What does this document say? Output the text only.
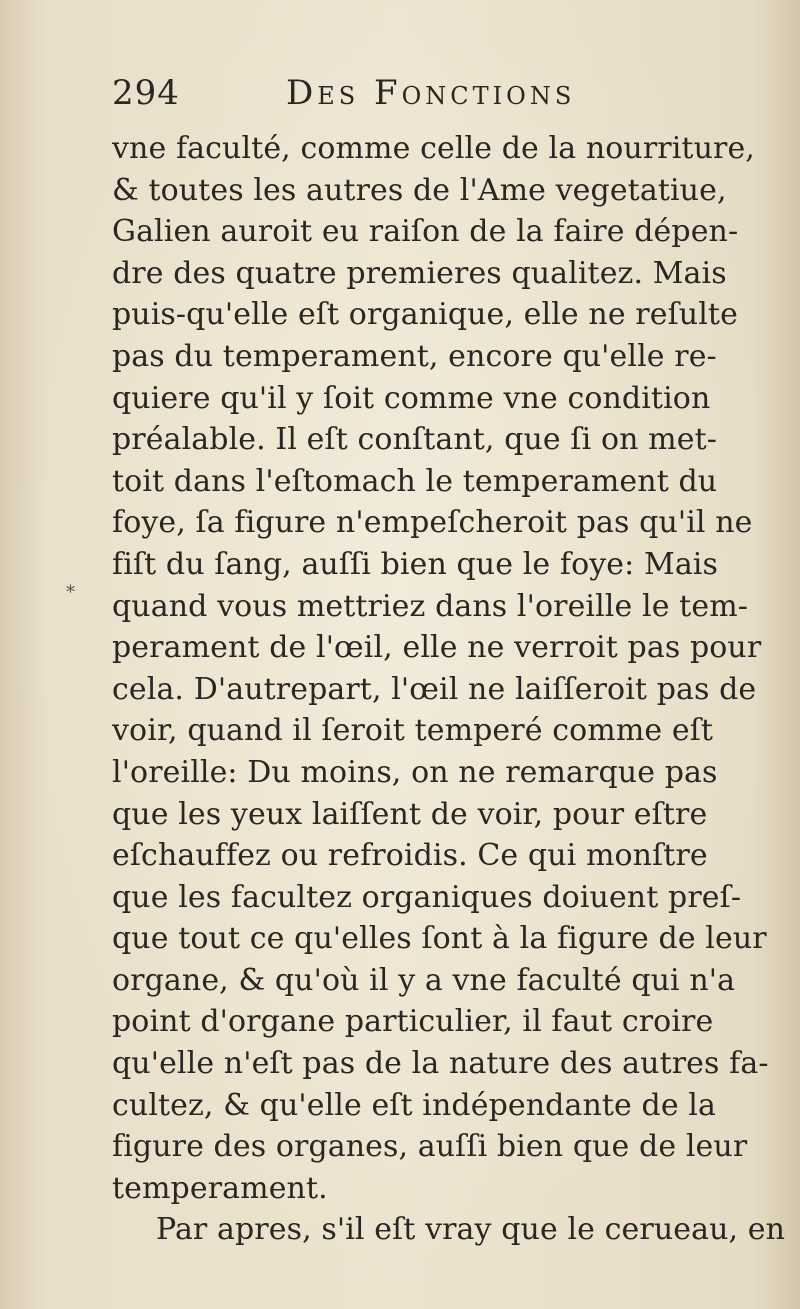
294	Des Fonctions
*
vne faculté, comme celle de la nourriture,
& toutes les autres de l'Ame vegetatiue,
Galien auroit eu raiſon de la faire dépen-
dre des quatre premieres qualitez. Mais
puis-qu'elle eſt organique, elle ne reſulte
pas du temperament, encore qu'elle re-
quiere qu'il y ſoit comme vne condition
préalable. Il eſt conſtant, que ſi on met-
toit dans l'eſtomach le temperament du
foye, ſa figure n'empeſcheroit pas qu'il ne
fiſt du ſang, auſſi bien que le foye: Mais
quand vous mettriez dans l'oreille le tem-
perament de l'œil, elle ne verroit pas pour
cela. D'autrepart, l'œil ne laiſſeroit pas de
voir, quand il ſeroit temperé comme eſt
l'oreille: Du moins, on ne remarque pas
que les yeux laiſſent de voir, pour eſtre
eſchauffez ou refroidis. Ce qui monſtre
que les facultez organiques doiuent preſ-
que tout ce qu'elles ſont à la figure de leur
organe, & qu'où il y a vne faculté qui n'a
point d'organe particulier, il faut croire
qu'elle n'eſt pas de la nature des autres fa-
cultez, & qu'elle eſt indépendante de la
figure des organes, auſſi bien que de leur
temperament.
Par apres, s'il eſt vray que le cerueau, en
